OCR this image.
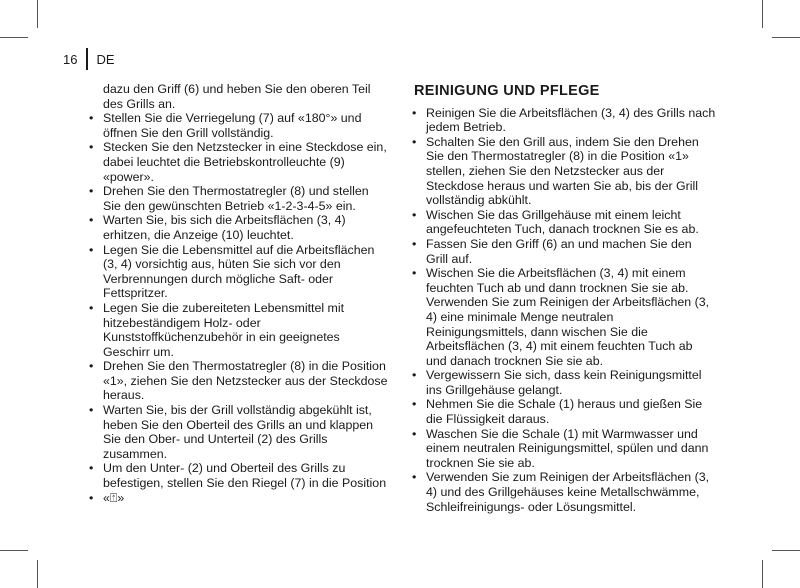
16 DE
dazu den Griff (6) und heben Sie den oberen Teil des Grills an.
• Stellen Sie die Verriegelung (7) auf «180°» und öffnen Sie den Grill vollständig.
• Stecken Sie den Netzstecker in eine Steckdose ein, dabei leuchtet die Betriebskontrolleuchte (9) «power».
• Drehen Sie den Thermostatregler (8) und stellen Sie den gewünschten Betrieb «1-2-3-4-5» ein.
• Warten Sie, bis sich die Arbeitsflächen (3, 4) erhitzen, die Anzeige (10) leuchtet.
• Legen Sie die Lebensmittel auf die Arbeitsflächen (3, 4) vorsichtig aus, hüten Sie sich vor den Verbrennungen durch mögliche Saft- oder Fettspritzer.
• Legen Sie die zubereiteten Lebensmittel mit hitzebeständigem Holz- oder Kunststoffküchenzubehör in ein geeignetes Geschirr um.
• Drehen Sie den Thermostatregler (8) in die Position «1», ziehen Sie den Netzstecker aus der Steckdose heraus.
• Warten Sie, bis der Grill vollständig abgekühlt ist, heben Sie den Oberteil des Grills an und klappen Sie den Ober- und Unterteil (2) des Grills zusammen.
• Um den Unter- (2) und Oberteil des Grills zu befestigen, stellen Sie den Riegel (7) in die Position
• «⍐»
REINIGUNG UND PFLEGE
• Reinigen Sie die Arbeitsflächen (3, 4) des Grills nach jedem Betrieb.
• Schalten Sie den Grill aus, indem Sie den Drehen Sie den Thermostatregler (8) in die Position «1» stellen, ziehen Sie den Netzstecker aus der Steckdose heraus und warten Sie ab, bis der Grill vollständig abkühlt.
• Wischen Sie das Grillgehäuse mit einem leicht angefeuchteten Tuch, danach trocknen Sie es ab.
• Fassen Sie den Griff (6) an und machen Sie den Grill auf.
• Wischen Sie die Arbeitsflächen (3, 4) mit einem feuchten Tuch ab und dann trocknen Sie sie ab. Verwenden Sie zum Reinigen der Arbeitsflächen (3, 4) eine minimale Menge neutralen Reinigungsmittels, dann wischen Sie die Arbeitsflächen (3, 4) mit einem feuchten Tuch ab und danach trocknen Sie sie ab.
• Vergewissern Sie sich, dass kein Reinigungsmittel ins Grillgehäuse gelangt.
• Nehmen Sie die Schale (1) heraus und gießen Sie die Flüssigkeit daraus.
• Waschen Sie die Schale (1) mit Warmwasser und einem neutralen Reinigungsmittel, spülen und dann trocknen Sie sie ab.
• Verwenden Sie zum Reinigen der Arbeitsflächen (3, 4) und des Grillgehäuses keine Metallschwämme, Schleifreinigungs- oder Lösungsmittel.
